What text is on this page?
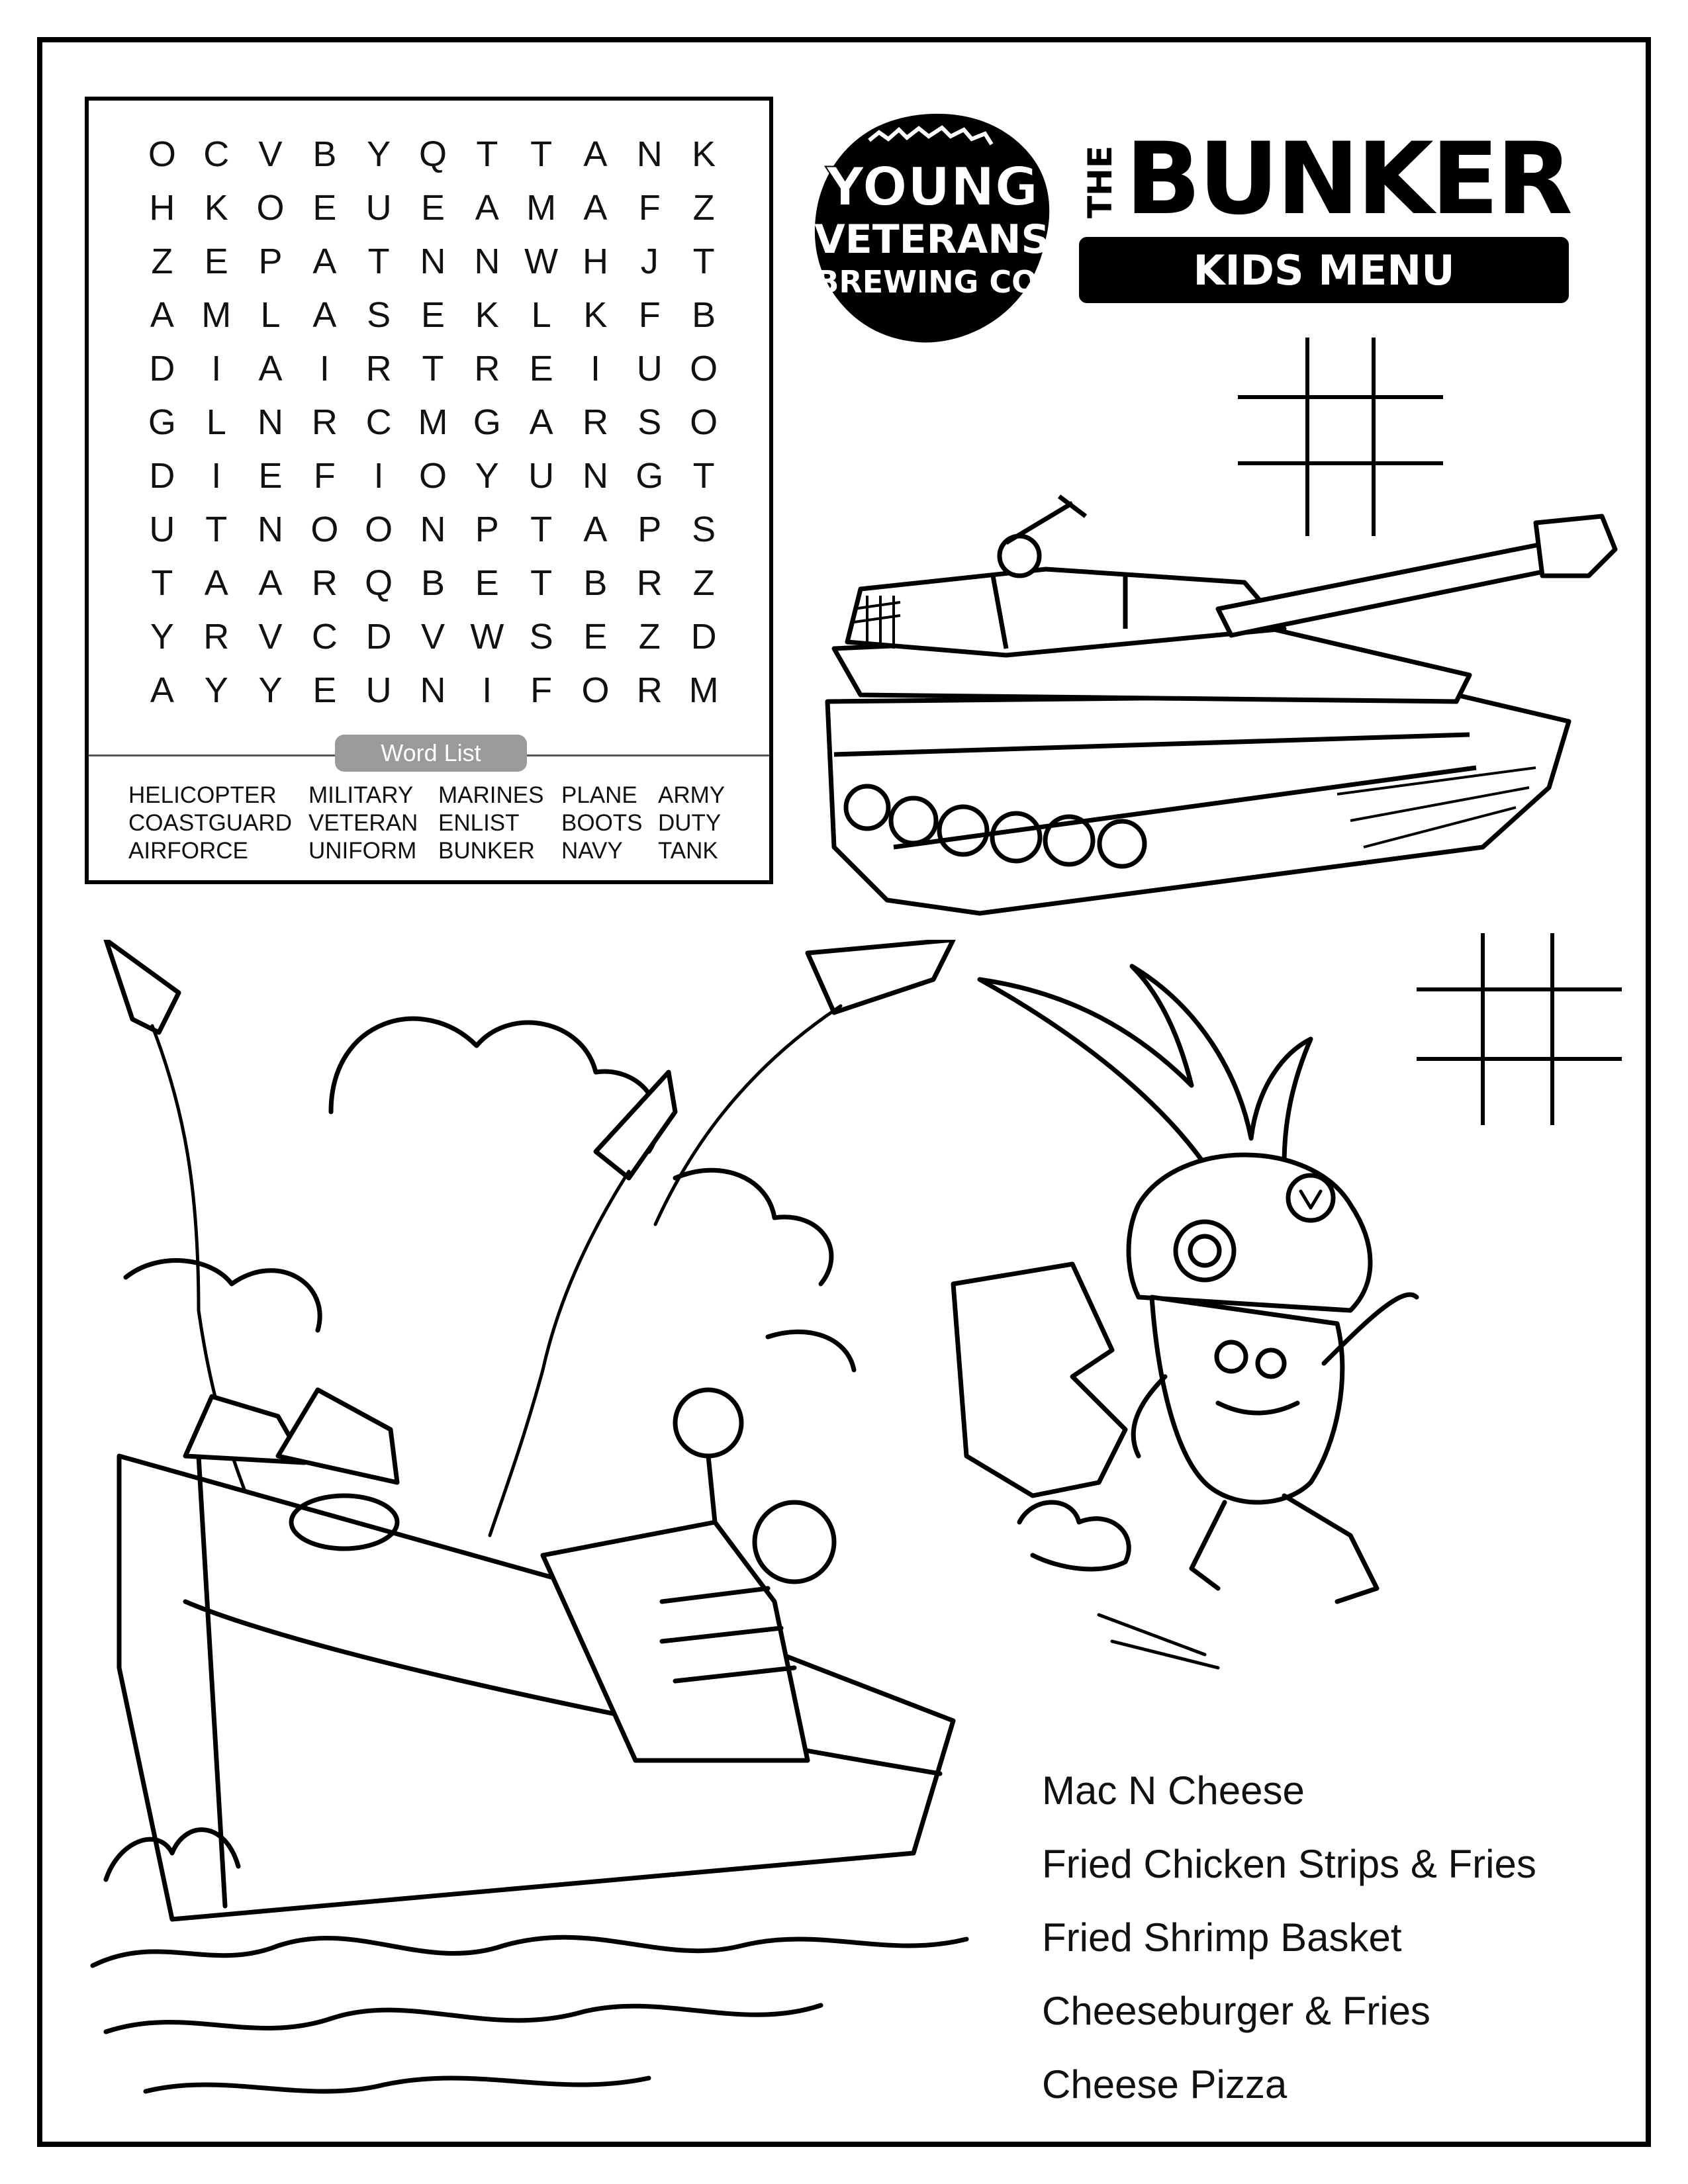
O C V B Y Q T T A N K
H K O E U E A M A F Z
Z E P A T N N W H J T
A M L A S E K L K F B
D	I	A	I	R T R E	I	U O
G L N R C M G A R S O
D	I	E F	I O Y U N G T
U T N O O N P T A P S
T A A R Q B E T B R Z
Y R V C D V W S E Z D
A Y Y E U N	I	F O R M
Word List
HELICOPTER	MILITARY	MARINES PLANE ARMY
COASTGUARD VETERAN ENLIST	BOOTS DUTY
AIRFORCE	UNIFORM BUNKER	NAVY	TANK
YOUNG
VETERANS
BREWING CO.
THE BUNKER
KIDS MENU
Mac N Cheese
Fried Chicken Strips & Fries
Fried Shrimp Basket
Cheeseburger & Fries
Cheese Pizza
